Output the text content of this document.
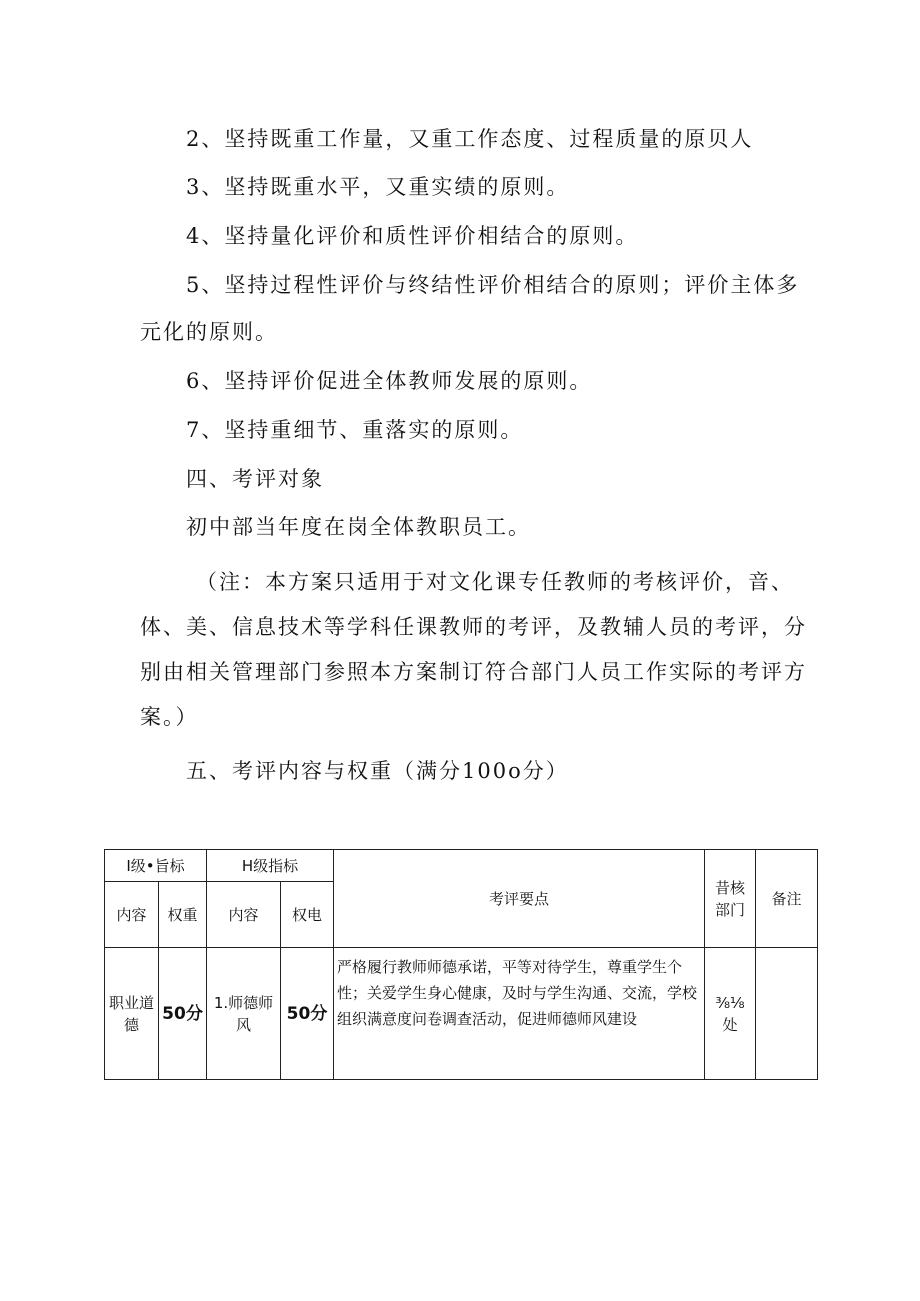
2、坚持既重工作量，又重工作态度、过程质量的原贝人

3、坚持既重水平，又重实绩的原则。

4、坚持量化评价和质性评价相结合的原则。

5、坚持过程性评价与终结性评价相结合的原则；评价主体多元化的原则。

6、坚持评价促进全体教师发展的原则。

7、坚持重细节、重落实的原则。

四、考评对象

初中部当年度在岗全体教职员工。

（注：本方案只适用于对文化课专任教师的考核评价，音、体、美、信息技术等学科任课教师的考评，及教辅人员的考评，分别由相关管理部门参照本方案制订符合部门人员工作实际的考评方案。）

五、考评内容与权重（满分100o分）

I级•旨标		H级指标		考评要点	昔核部门	备注
内容	权重	内容	权电			
职业道德	50分	1.师德师风	50分	严格履行教师师德承诺，平等对待学生，尊重学生个性；关爱学生身心健康，及时与学生沟通、交流，学校组织满意度问卷调查活动，促进师德师风建设	⅜⅛处	
